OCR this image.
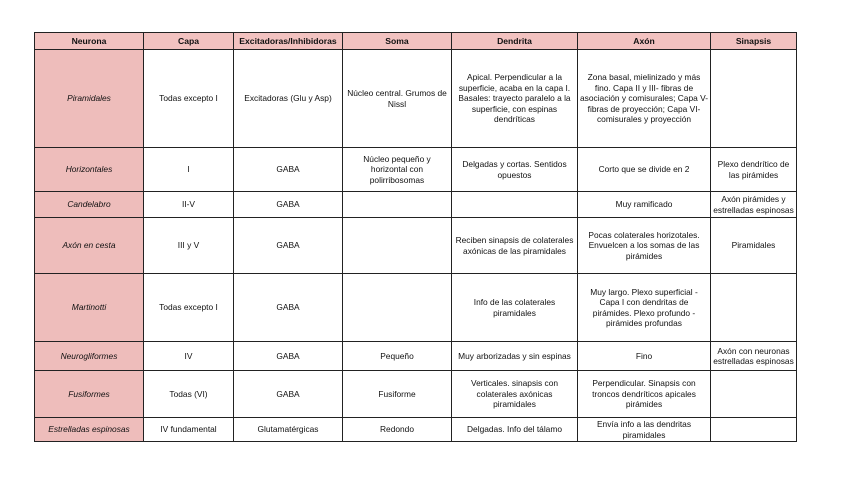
Neurona	Capa	Excitadoras/Inhibidoras	Soma	Dendrita	Axón	Sinapsis
Piramidales	Todas excepto I	Excitadoras (Glu y Asp)	Núcleo central. Grumos de Nissl	Apical. Perpendicular a la superficie, acaba en la capa I. Basales: trayecto paralelo a la superficie, con espinas dendríticas	Zona basal, mielinizado y más fino. Capa II y III- fibras de asociación y comisurales; Capa V- fibras de proyección; Capa VI- comisurales y proyección	
Horizontales	I	GABA	Núcleo pequeño y horizontal con polirribosomas	Delgadas y cortas. Sentidos opuestos	Corto que se divide en 2	Plexo dendrítico de las pirámides
Candelabro	II-V	GABA			Muy ramificado	Axón pirámides y estrelladas espinosas
Axón en cesta	III y V	GABA		Reciben sinapsis de colaterales axónicas de las piramidales	Pocas colaterales horizotales. Envuelcen a los somas de las pirámides	Piramidales
Martinotti	Todas excepto I	GABA		Info de las colaterales piramidales	Muy largo. Plexo superficial - Capa I con dendritas de pirámides. Plexo profundo - pirámides profundas	
Neurogliformes	IV	GABA	Pequeño	Muy arborizadas y sin espinas	Fino	Axón con neuronas estrelladas espinosas
Fusiformes	Todas (VI)	GABA	Fusiforme	Verticales. sinapsis con colaterales axónicas piramidales	Perpendicular. Sinapsis con troncos dendríticos apicales pirámides	
Estrelladas espinosas	IV fundamental	Glutamatérgicas	Redondo	Delgadas. Info del tálamo	Envía info a las dendritas piramidales	
